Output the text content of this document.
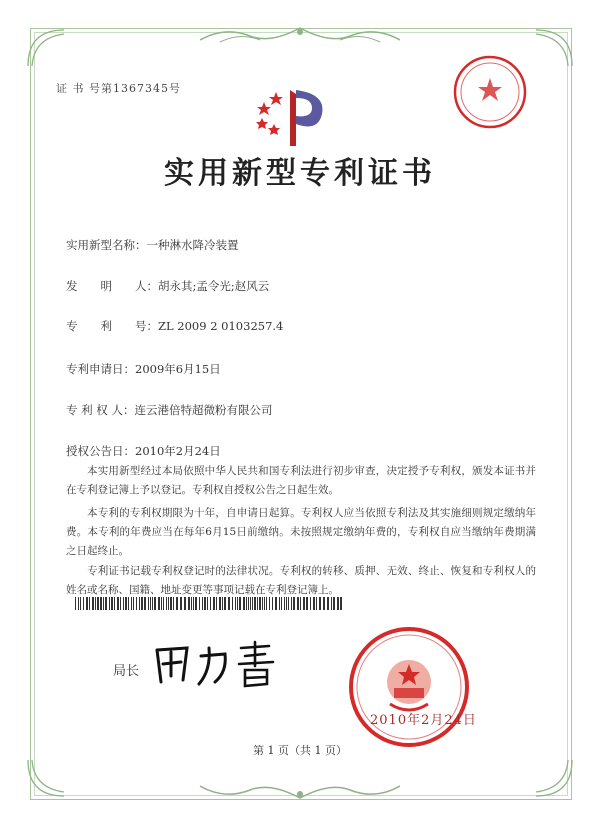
证 书 号第1367345号
实用新型专利证书
实用新型名称：一种淋水降冷装置
发　　明　　人：胡永其;孟令光;赵风云
专　　利　　号：ZL 2009 2 0103257.4
专利申请日：2009年6月15日
专 利 权 人：连云港倍特超微粉有限公司
授权公告日：2010年2月24日
本实用新型经过本局依照中华人民共和国专利法进行初步审查，决定授予专利权，颁发本证书并在专利登记簿上予以登记。专利权自授权公告之日起生效。
本专利的专利权期限为十年，自申请日起算。专利权人应当依照专利法及其实施细则规定缴纳年费。本专利的年费应当在每年6月15日前缴纳。未按照规定缴纳年费的，专利权自应当缴纳年费期满之日起终止。
专利证书记载专利权登记时的法律状况。专利权的转移、质押、无效、终止、恢复和专利权人的姓名或名称、国籍、地址变更等事项记载在专利登记簿上。
局长
2010年2月24日
第 1 页（共 1 页）
